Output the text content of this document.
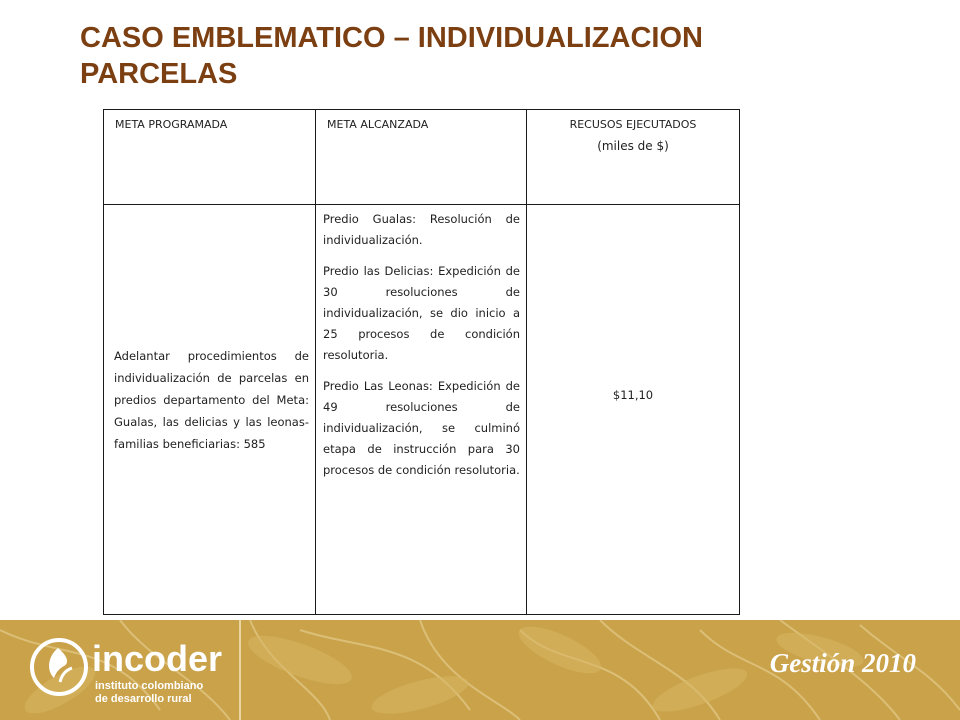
CASO EMBLEMATICO – INDIVIDUALIZACION
PARCELAS
META PROGRAMADA	META ALCANZADA	RECUSOS EJECUTADOS
(miles de $)

Adelantar procedimientos de individualización de parcelas en predios departamento del Meta: Gualas, las delicias y las leonas- familias beneficiarias: 585	Predio Gualas: Resolución de individualización.

Predio las Delicias: Expedición de 30 resoluciones de individualización, se dio inicio a 25 procesos de condición resolutoria.

Predio Las Leonas: Expedición de 49 resoluciones de individualización, se culminó etapa de instrucción para 30 procesos de condición resolutoria.	$11,10
incoder
instituto colombiano
de desarrollo rural
Gestión 2010
